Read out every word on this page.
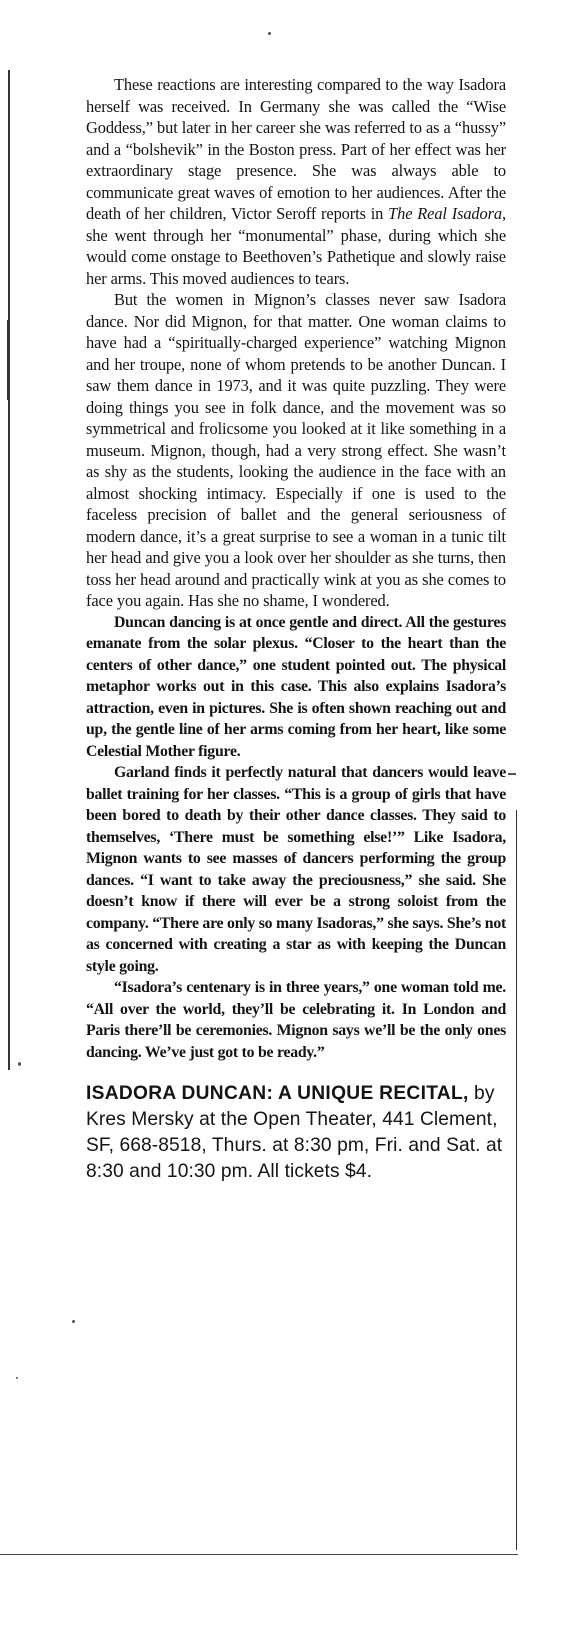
These reactions are interesting compared to the way Isadora herself was received. In Germany she was called the “Wise Goddess,” but later in her career she was referred to as a “hussy” and a “bolshevik” in the Boston press. Part of her effect was her extraordinary stage presence. She was always able to communicate great waves of emotion to her audiences. After the death of her children, Victor Seroff reports in The Real Isadora, she went through her “monumental” phase, during which she would come onstage to Beethoven’s Pathetique and slowly raise her arms. This moved audiences to tears.

But the women in Mignon’s classes never saw Isadora dance. Nor did Mignon, for that matter. One woman claims to have had a “spiritually-charged experience” watching Mignon and her troupe, none of whom pretends to be another Duncan. I saw them dance in 1973, and it was quite puzzling. They were doing things you see in folk dance, and the movement was so symmetrical and frolicsome you looked at it like something in a museum. Mignon, though, had a very strong effect. She wasn’t as shy as the students, looking the audience in the face with an almost shocking intimacy. Especially if one is used to the faceless precision of ballet and the general seriousness of modern dance, it’s a great surprise to see a woman in a tunic tilt her head and give you a look over her shoulder as she turns, then toss her head around and practically wink at you as she comes to face you again. Has she no shame, I wondered.

Duncan dancing is at once gentle and direct. All the gestures emanate from the solar plexus. “Closer to the heart than the centers of other dance,” one student pointed out. The physical metaphor works out in this case. This also explains Isadora’s attraction, even in pictures. She is often shown reaching out and up, the gentle line of her arms coming from her heart, like some Celestial Mother figure.

Garland finds it perfectly natural that dancers would leave ballet training for her classes. “This is a group of girls that have been bored to death by their other dance classes. They said to themselves, ‘There must be something else!’” Like Isadora, Mignon wants to see masses of dancers performing the group dances. “I want to take away the preciousness,” she said. She doesn’t know if there will ever be a strong soloist from the company. “There are only so many Isadoras,” she says. She’s not as concerned with creating a star as with keeping the Duncan style going.

“Isadora’s centenary is in three years,” one woman told me. “All over the world, they’ll be celebrating it. In London and Paris there’ll be ceremonies. Mignon says we’ll be the only ones dancing. We’ve just got to be ready.”

ISADORA DUNCAN: A UNIQUE RECITAL, by Kres Mersky at the Open Theater, 441 Clement, SF, 668-8518, Thurs. at 8:30 pm, Fri. and Sat. at 8:30 and 10:30 pm. All tickets $4.
